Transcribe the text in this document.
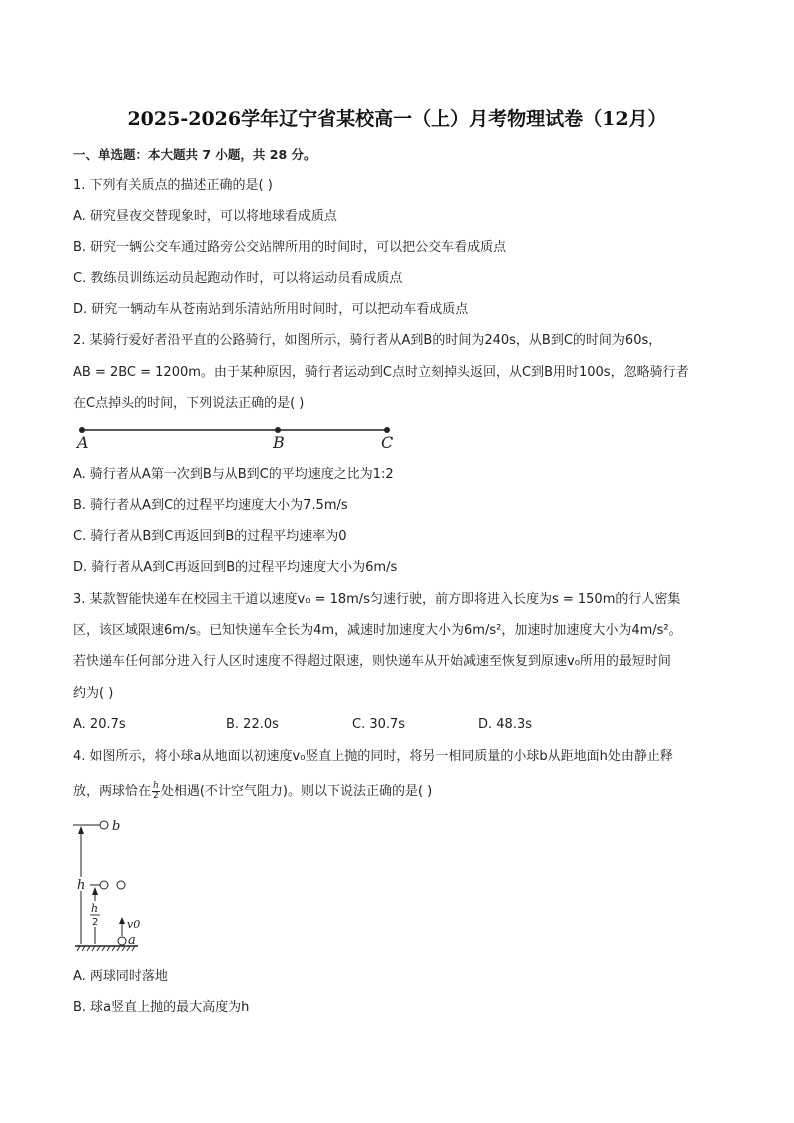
2025-2026学年辽宁省某校高一（上）月考物理试卷（12月）
一、单选题：本大题共 7 小题，共 28 分。
1. 下列有关质点的描述正确的是( )
A. 研究昼夜交替现象时，可以将地球看成质点
B. 研究一辆公交车通过路旁公交站牌所用的时间时，可以把公交车看成质点
C. 教练员训练运动员起跑动作时，可以将运动员看成质点
D. 研究一辆动车从苍南站到乐清站所用时间时，可以把动车看成质点
2. 某骑行爱好者沿平直的公路骑行，如图所示，骑行者从A到B的时间为240s，从B到C的时间为60s，
AB = 2BC = 1200m。由于某种原因，骑行者运动到C点时立刻掉头返回，从C到B用时100s，忽略骑行者
在C点掉头的时间，下列说法正确的是( )
A	B	C
A. 骑行者从A第一次到B与从B到C的平均速度之比为1:2
B. 骑行者从A到C的过程平均速度大小为7.5m/s
C. 骑行者从B到C再返回到B的过程平均速率为0
D. 骑行者从A到C再返回到B的过程平均速度大小为6m/s
3. 某款智能快递车在校园主干道以速度v₀ = 18m/s匀速行驶，前方即将进入长度为s = 150m的行人密集
区，该区域限速6m/s。已知快递车全长为4m，减速时加速度大小为6m/s²，加速时加速度大小为4m/s²。
若快递车任何部分进入行人区时速度不得超过限速，则快递车从开始减速至恢复到原速v₀所用的最短时间
约为( )
A. 20.7s	B. 22.0s	C. 30.7s	D. 48.3s
4. 如图所示，将小球a从地面以初速度v₀竖直上抛的同时，将另一相同质量的小球b从距地面h处由静止释
放，两球恰在 $\frac{h}{2}$ 处相遇(不计空气阻力)。则以下说法正确的是( )
b
h
h
2	v0
a
A. 两球同时落地
B. 球a竖直上抛的最大高度为h
